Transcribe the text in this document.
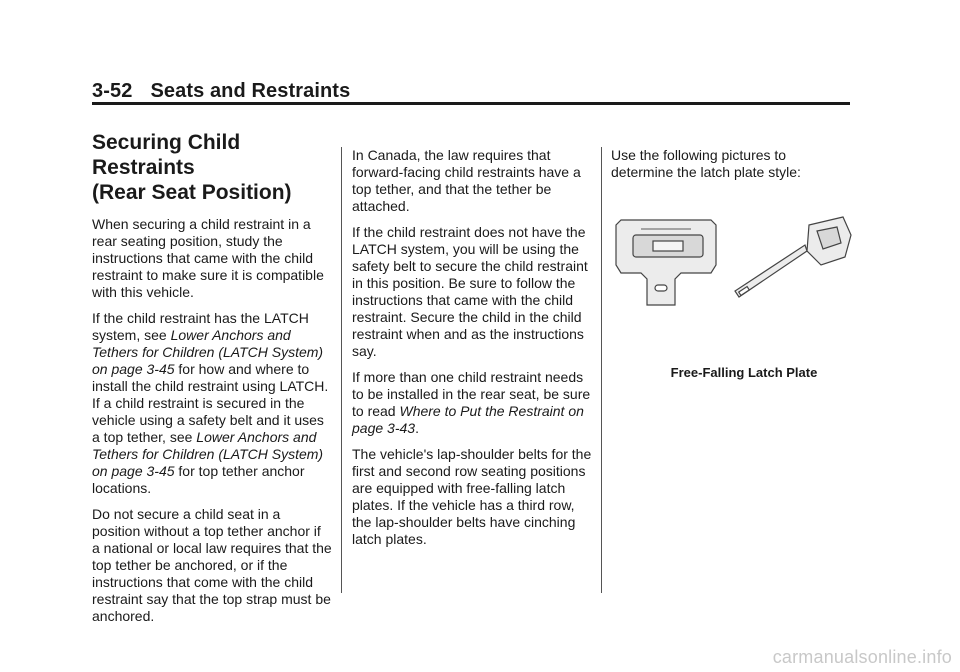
3-52 Seats and Restraints
Securing Child Restraints
(Rear Seat Position)

When securing a child restraint in a rear seating position, study the instructions that came with the child restraint to make sure it is compatible with this vehicle.

If the child restraint has the LATCH system, see Lower Anchors and Tethers for Children (LATCH System) on page 3-45 for how and where to install the child restraint using LATCH. If a child restraint is secured in the vehicle using a safety belt and it uses a top tether, see Lower Anchors and Tethers for Children (LATCH System) on page 3-45 for top tether anchor locations.

Do not secure a child seat in a position without a top tether anchor if a national or local law requires that the top tether be anchored, or if the instructions that come with the child restraint say that the top strap must be anchored.

In Canada, the law requires that forward-facing child restraints have a top tether, and that the tether be attached.

If the child restraint does not have the LATCH system, you will be using the safety belt to secure the child restraint in this position. Be sure to follow the instructions that came with the child restraint. Secure the child in the child restraint when and as the instructions say.

If more than one child restraint needs to be installed in the rear seat, be sure to read Where to Put the Restraint on page 3-43.

The vehicle's lap-shoulder belts for the first and second row seating positions are equipped with free-falling latch plates. If the vehicle has a third row, the lap-shoulder belts have cinching latch plates.

Use the following pictures to determine the latch plate style:

Free-Falling Latch Plate
carmanualsonline.info
